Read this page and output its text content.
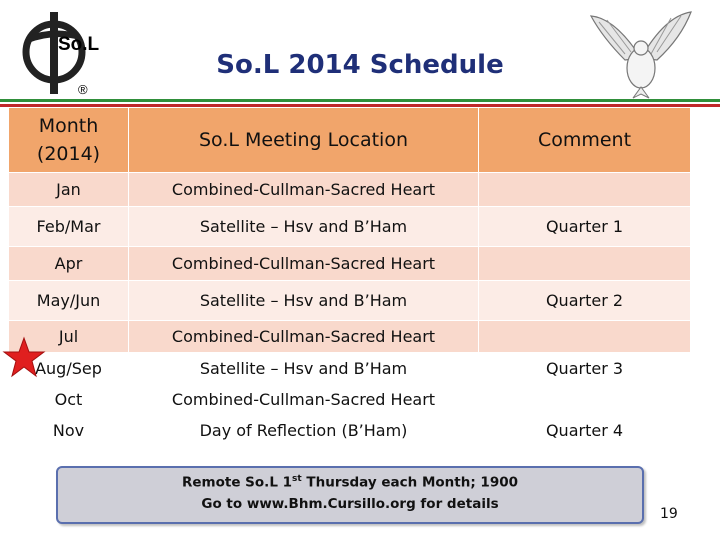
So.L
®
So.L 2014 Schedule
Month
(2014)	So.L Meeting Location	Comment
Jan	Combined-Cullman-Sacred Heart	
Feb/Mar	Satellite – Hsv and B’Ham	Quarter 1
Apr	Combined-Cullman-Sacred Heart	
May/Jun	Satellite – Hsv and B’Ham	Quarter 2
Jul	Combined-Cullman-Sacred Heart	
Aug/Sep	Satellite – Hsv and B’Ham	Quarter 3
Oct	Combined-Cullman-Sacred Heart	
Nov	Day of Reflection (B’Ham)	Quarter 4
Remote So.L 1st Thursday each Month; 1900
Go to www.Bhm.Cursillo.org for details
19
